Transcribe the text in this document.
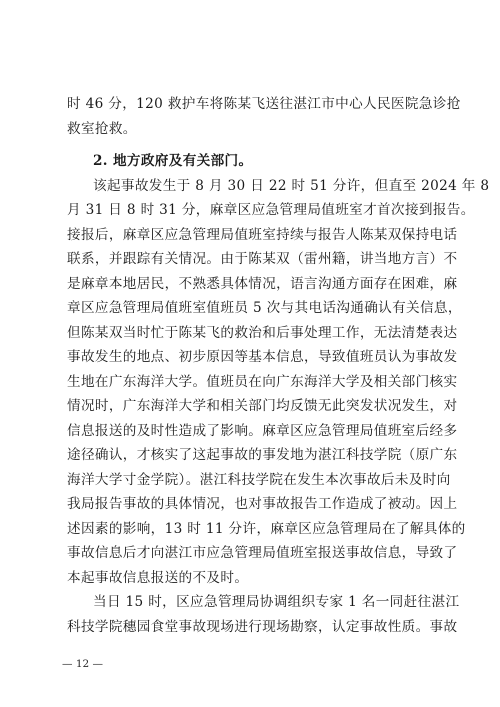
时 46 分，120 救护车将陈某飞送往湛江市中心人民医院急诊抢
救室抢救。
2. 地方政府及有关部门。
该起事故发生于 8 月 30 日 22 时 51 分许，但直至 2024 年 8
月 31 日 8 时 31 分，麻章区应急管理局值班室才首次接到报告。
接报后，麻章区应急管理局值班室持续与报告人陈某双保持电话
联系，并跟踪有关情况。由于陈某双（雷州籍，讲当地方言）不
是麻章本地居民，不熟悉具体情况，语言沟通方面存在困难，麻
章区应急管理局值班室值班员 5 次与其电话沟通确认有关信息，
但陈某双当时忙于陈某飞的救治和后事处理工作，无法清楚表达
事故发生的地点、初步原因等基本信息，导致值班员认为事故发
生地在广东海洋大学。值班员在向广东海洋大学及相关部门核实
情况时，广东海洋大学和相关部门均反馈无此突发状况发生，对
信息报送的及时性造成了影响。麻章区应急管理局值班室后经多
途径确认，才核实了这起事故的事发地为湛江科技学院（原广东
海洋大学寸金学院）。湛江科技学院在发生本次事故后未及时向
我局报告事故的具体情况，也对事故报告工作造成了被动。因上
述因素的影响，13 时 11 分许，麻章区应急管理局在了解具体的
事故信息后才向湛江市应急管理局值班室报送事故信息，导致了
本起事故信息报送的不及时。
当日 15 时，区应急管理局协调组织专家 1 名一同赶往湛江
科技学院穗园食堂事故现场进行现场勘察，认定事故性质。事故
— 12 —
